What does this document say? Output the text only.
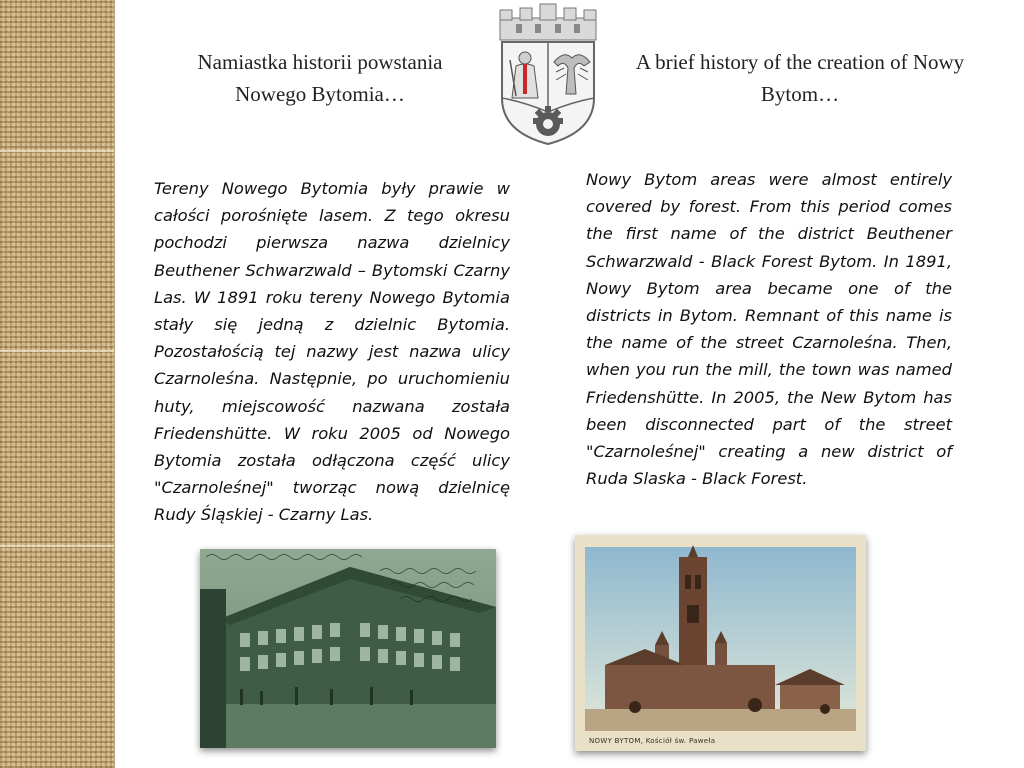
Namiastka historii powstania Nowego Bytomia…
A brief history of the creation of Nowy Bytom…
Tereny Nowego Bytomia były prawie w całości porośnięte lasem. Z tego okresu pochodzi pierwsza nazwa dzielnicy Beuthener Schwarzwald – Bytomski Czarny Las. W 1891 roku tereny Nowego Bytomia stały się jedną z dzielnic Bytomia. Pozostałością tej nazwy jest nazwa ulicy Czarnoleśna. Następnie, po uruchomieniu huty, miejscowość nazwana została Friedenshütte. W roku 2005 od Nowego Bytomia została odłączona część ulicy "Czarnoleśnej" tworząc nową dzielnicę Rudy Śląskiej - Czarny Las.
Nowy Bytom areas were almost entirely covered by forest. From this period comes the first name of the district Beuthener Schwarzwald - Black Forest Bytom. In 1891, Nowy Bytom area became one of the districts in Bytom. Remnant of this name is the name of the street Czarnoleśna. Then, when you run the mill, the town was named Friedenshütte. In 2005, the New Bytom has been disconnected part of the street "Czarnoleśnej" creating a new district of Ruda Slaska - Black Forest.
NOWY BYTOM, Kościół św. Paweła
